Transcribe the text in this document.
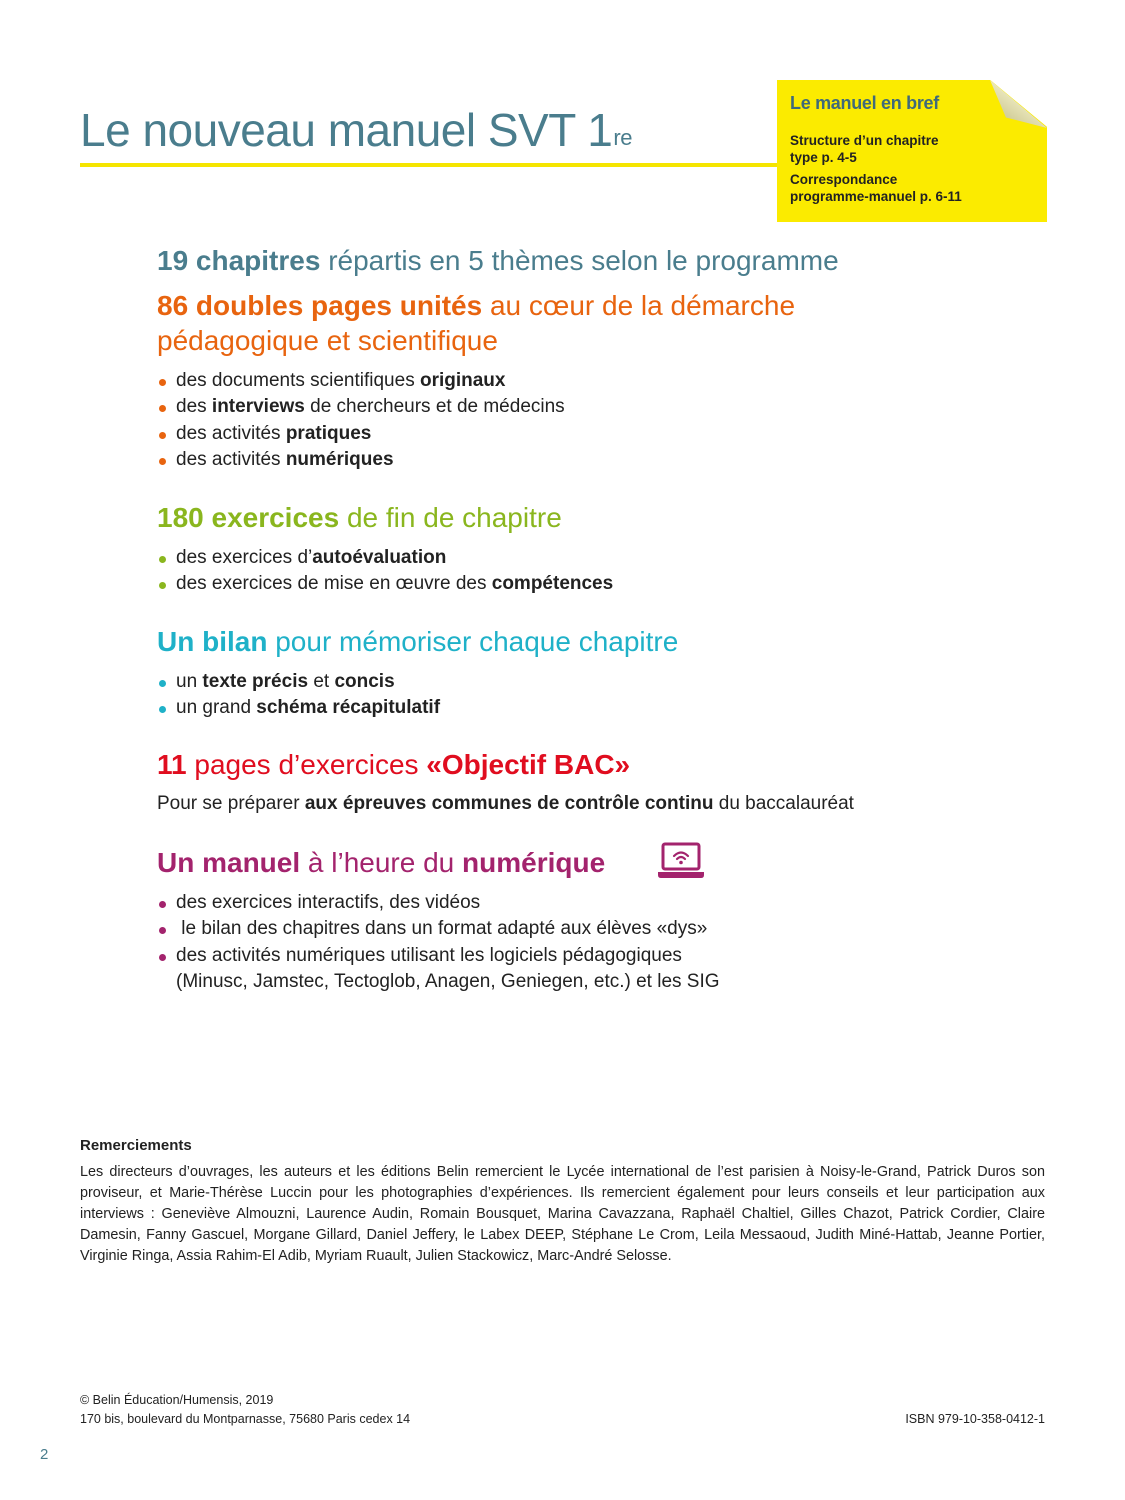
Le nouveau manuel SVT 1re
Le manuel en bref
Structure d’un chapitre
type p. 4-5
Correspondance
programme-manuel p. 6-11
19 chapitres répartis en 5 thèmes selon le programme
86 doubles pages unités au cœur de la démarche
pédagogique et scientifique
des documents scientifiques originaux
des interviews de chercheurs et de médecins
des activités pratiques
des activités numériques
180 exercices de fin de chapitre
des exercices d’autoévaluation
des exercices de mise en œuvre des compétences
Un bilan pour mémoriser chaque chapitre
un texte précis et concis
un grand schéma récapitulatif
11 pages d’exercices «Objectif BAC»

Pour se préparer aux épreuves communes de contrôle continu du baccalauréat

Un manuel à l’heure du numérique
des exercices interactifs, des vidéos
le bilan des chapitres dans un format adapté aux élèves «dys»
des activités numériques utilisant les logiciels pédagogiques
(Minusc, Jamstec, Tectoglob, Anagen, Geniegen, etc.) et les SIG
Remerciements

Les directeurs d’ouvrages, les auteurs et les éditions Belin remercient le Lycée international de l’est parisien à Noisy-le-Grand, Patrick Duros son proviseur, et Marie-Thérèse Luccin pour les photographies d’expériences. Ils remercient également pour leurs conseils et leur participation aux interviews : Geneviève Almouzni, Laurence Audin, Romain Bousquet, Marina Cavazzana, Raphaël Chaltiel, Gilles Chazot, Patrick Cordier, Claire Damesin, Fanny Gascuel, Morgane Gillard, Daniel Jeffery, le Labex DEEP, Stéphane Le Crom, Leila Messaoud, Judith Miné-Hattab, Jeanne Portier, Virginie Ringa, Assia Rahim-El Adib, Myriam Ruault, Julien Stackowicz, Marc-André Selosse.

© Belin Éducation/Humensis, 2019
170 bis, boulevard du Montparnasse, 75680 Paris cedex 14	ISBN 979-10-358-0412-1

2
